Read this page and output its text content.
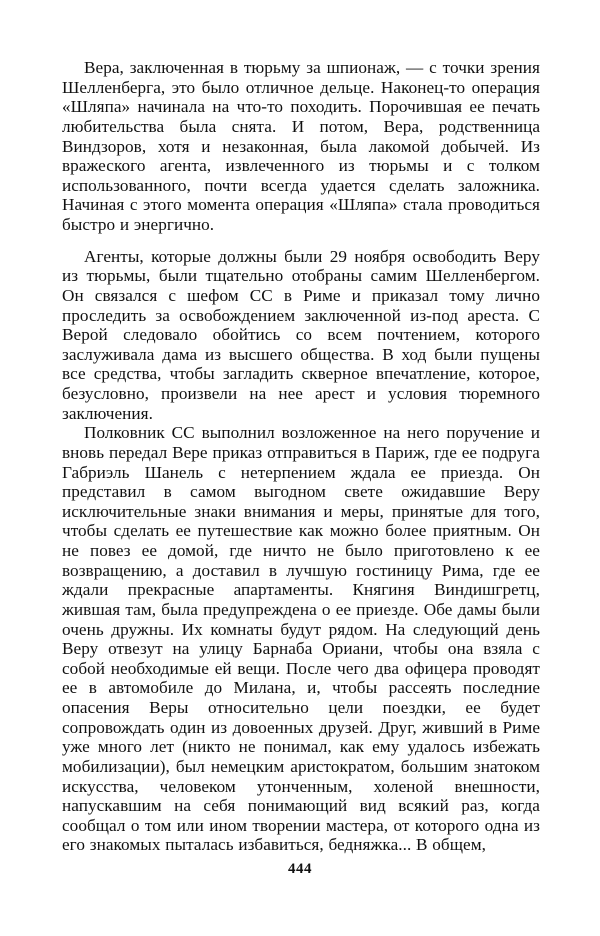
Вера, заключенная в тюрьму за шпионаж, — с точки зрения Шелленберга, это было отличное дельце. Наконец-то операция «Шляпа» начинала на что-то походить. Порочившая ее печать любительства была снята. И потом, Вера, родственница Виндзоров, хотя и незаконная, была лакомой добычей. Из вражеского агента, извлеченного из тюрьмы и с толком использованного, почти всегда удается сделать заложника. Начиная с этого момента операция «Шляпа» стала проводиться быстро и энергично.

Агенты, которые должны были 29 ноября освободить Веру из тюрьмы, были тщательно отобраны самим Шелленбергом. Он связался с шефом СС в Риме и приказал тому лично проследить за освобождением заключенной из-под ареста. С Верой следовало обойтись со всем почтением, которого заслуживала дама из высшего общества. В ход были пущены все средства, чтобы загладить скверное впечатление, которое, безусловно, произвели на нее арест и условия тюремного заключения.

Полковник СС выполнил возложенное на него поручение и вновь передал Вере приказ отправиться в Париж, где ее подруга Габриэль Шанель с нетерпением ждала ее приезда. Он представил в самом выгодном свете ожидавшие Веру исключительные знаки внимания и меры, принятые для того, чтобы сделать ее путешествие как можно более приятным. Он не повез ее домой, где ничто не было приготовлено к ее возвращению, а доставил в лучшую гостиницу Рима, где ее ждали прекрасные апартаменты. Княгиня Виндишгретц, жившая там, была предупреждена о ее приезде. Обе дамы были очень дружны. Их комнаты будут рядом. На следующий день Веру отвезут на улицу Барнаба Ориани, чтобы она взяла с собой необходимые ей вещи. После чего два офицера проводят ее в автомобиле до Милана, и, чтобы рассеять последние опасения Веры относительно цели поездки, ее будет сопровождать один из довоенных друзей. Друг, живший в Риме уже много лет (никто не понимал, как ему удалось избежать мобилизации), был немецким аристократом, большим знатоком искусства, человеком утонченным, холеной внешности, напускавшим на себя понимающий вид всякий раз, когда сообщал о том или ином творении мастера, от которого одна из его знакомых пыталась избавиться, бедняжка... В общем,

444
